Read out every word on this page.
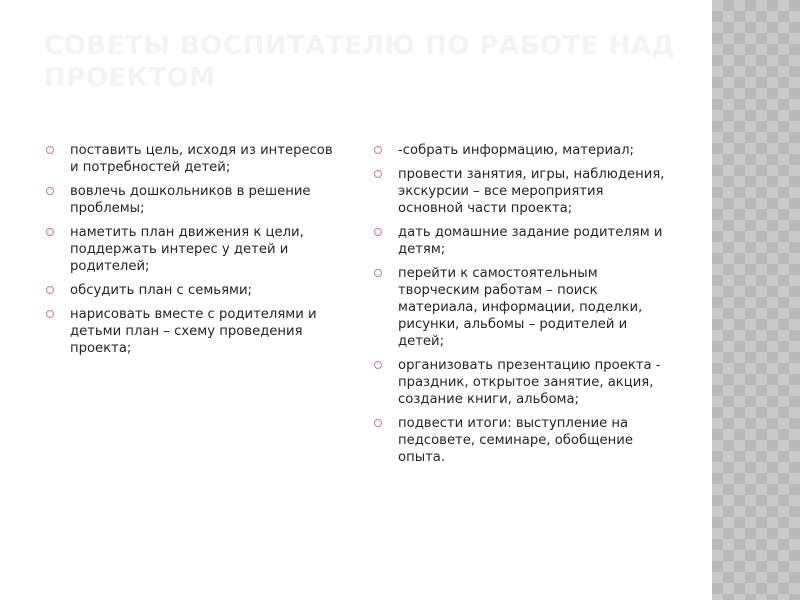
СОВЕТЫ ВОСПИТАТЕЛЮ ПО РАБОТЕ НАД ПРОЕКТОМ
поставить цель, исходя из интересов и потребностей детей;
вовлечь дошкольников в решение проблемы;
наметить план движения к цели, поддержать интерес у детей и родителей;
обсудить план с семьями;
нарисовать вместе с родителями и детьми план – схему проведения проекта;
-собрать информацию, материал;
провести занятия, игры, наблюдения, экскурсии – все мероприятия основной части проекта;
дать домашние задание родителям и детям;
перейти к самостоятельным творческим работам – поиск материала, информации, поделки, рисунки, альбомы – родителей и детей;
организовать презентацию проекта - праздник, открытое занятие, акция, создание книги, альбома;
подвести итоги: выступление на педсовете, семинаре, обобщение опыта.
